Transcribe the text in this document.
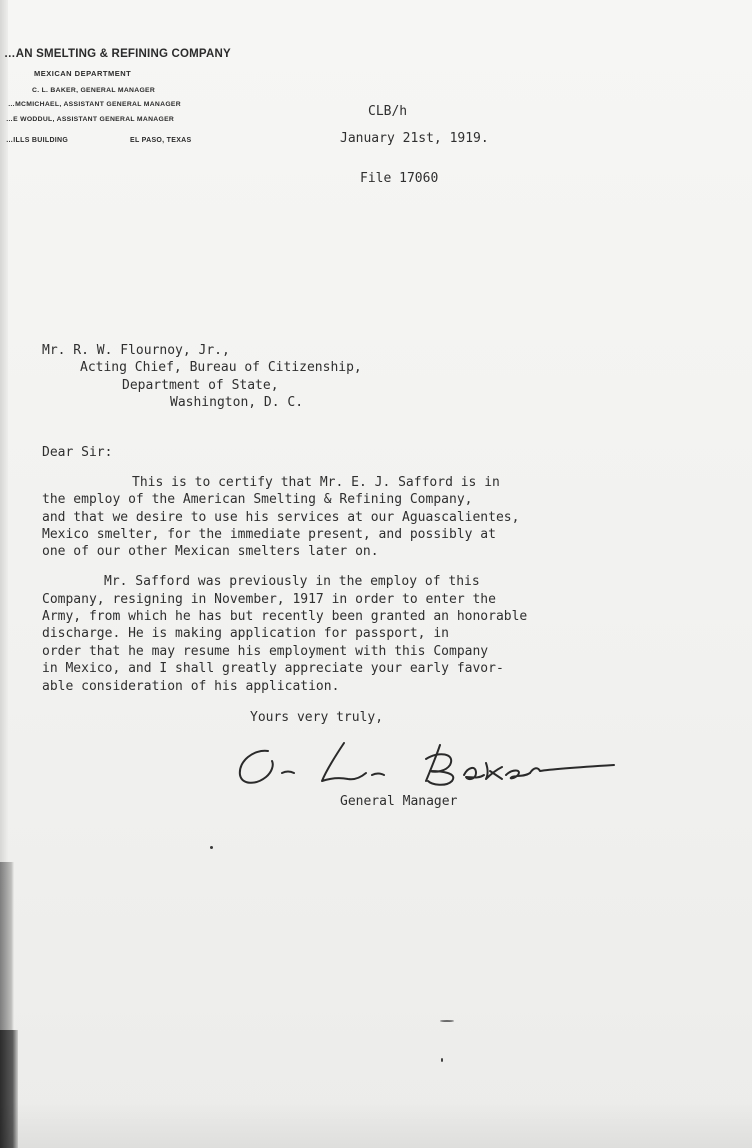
…AN SMELTING & REFINING COMPANY
MEXICAN DEPARTMENT
C. L. BAKER, GENERAL MANAGER
…MCMICHAEL, ASSISTANT GENERAL MANAGER
…E WODDUL, ASSISTANT GENERAL MANAGER
…ILLS BUILDING	EL PASO, TEXAS
CLB/h
January 21st, 1919.
File 17060
Mr. R. W. Flournoy, Jr.,
Acting Chief, Bureau of Citizenship,
Department of State,
Washington, D. C.
Dear Sir:
This is to certify that Mr. E. J. Safford is in
the employ of the American Smelting & Refining Company,
and that we desire to use his services at our Aguascalientes,
Mexico smelter, for the immediate present, and possibly at
one of our other Mexican smelters later on.
Mr. Safford was previously in the employ of this
Company, resigning in November, 1917 in order to enter the
Army, from which he has but recently been granted an honorable
discharge. He is making application for passport, in
order that he may resume his employment with this Company
in Mexico, and I shall greatly appreciate your early favor-
able consideration of his application.
Yours very truly,
General Manager
